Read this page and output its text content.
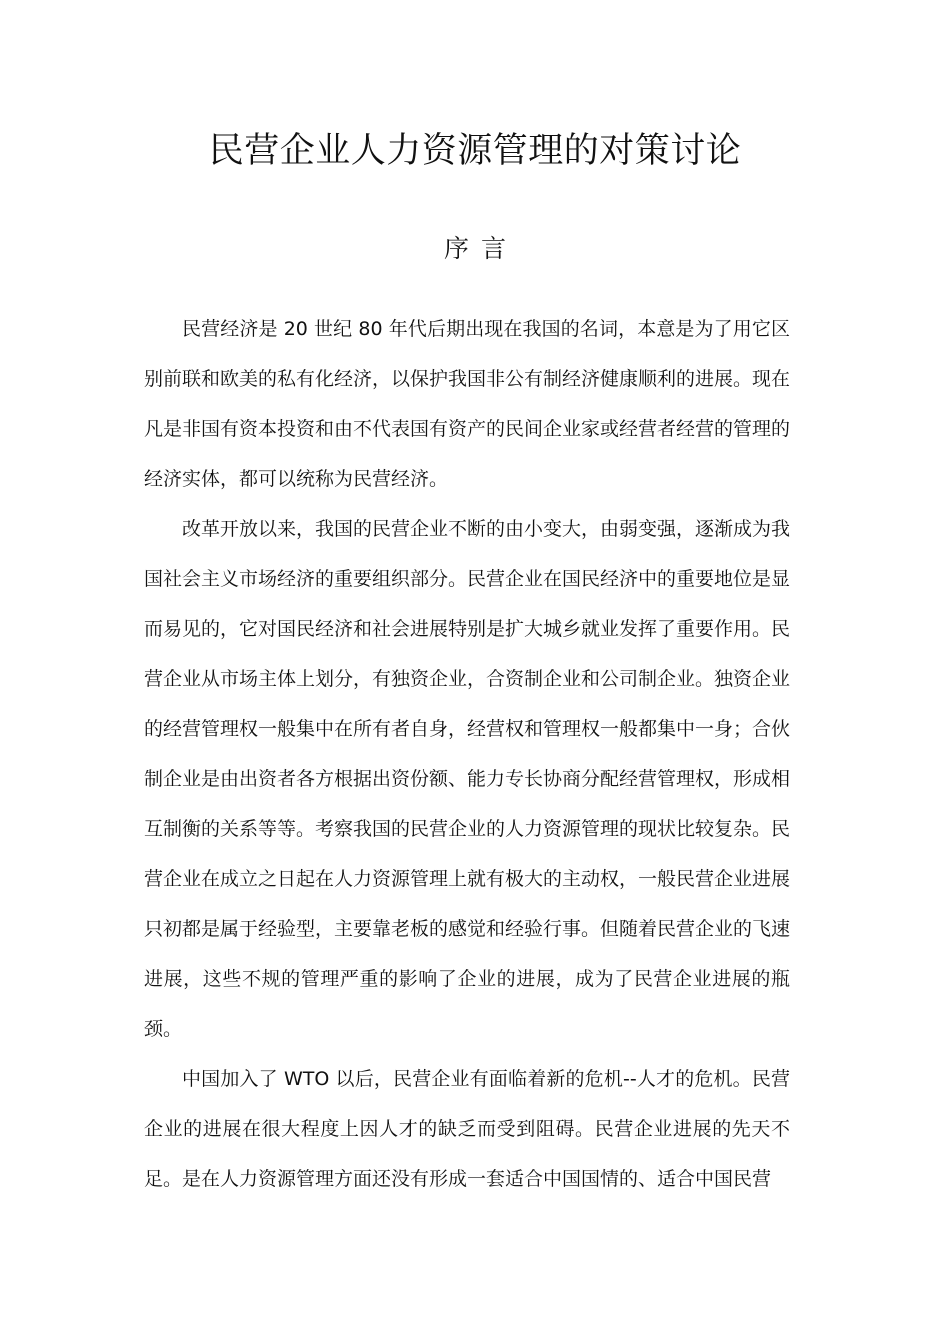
民营企业人力资源管理的对策讨论
序 言

民营经济是 20 世纪 80 年代后期出现在我国的名词，本意是为了用它区别前联和欧美的私有化经济，以保护我国非公有制经济健康顺利的进展。现在凡是非国有资本投资和由不代表国有资产的民间企业家或经营者经营的管理的经济实体，都可以统称为民营经济。

改革开放以来，我国的民营企业不断的由小变大，由弱变强，逐渐成为我国社会主义市场经济的重要组织部分。民营企业在国民经济中的重要地位是显而易见的，它对国民经济和社会进展特别是扩大城乡就业发挥了重要作用。民营企业从市场主体上划分，有独资企业，合资制企业和公司制企业。独资企业的经营管理权一般集中在所有者自身，经营权和管理权一般都集中一身；合伙制企业是由出资者各方根据出资份额、能力专长协商分配经营管理权，形成相互制衡的关系等等。考察我国的民营企业的人力资源管理的现状比较复杂。民营企业在成立之日起在人力资源管理上就有极大的主动权，一般民营企业进展只初都是属于经验型，主要靠老板的感觉和经验行事。但随着民营企业的飞速进展，这些不规的管理严重的影响了企业的进展，成为了民营企业进展的瓶颈。

中国加入了 WTO 以后，民营企业有面临着新的危机--人才的危机。民营企业的进展在很大程度上因人才的缺乏而受到阻碍。民营企业进展的先天不足。是在人力资源管理方面还没有形成一套适合中国国情的、适合中国民营
